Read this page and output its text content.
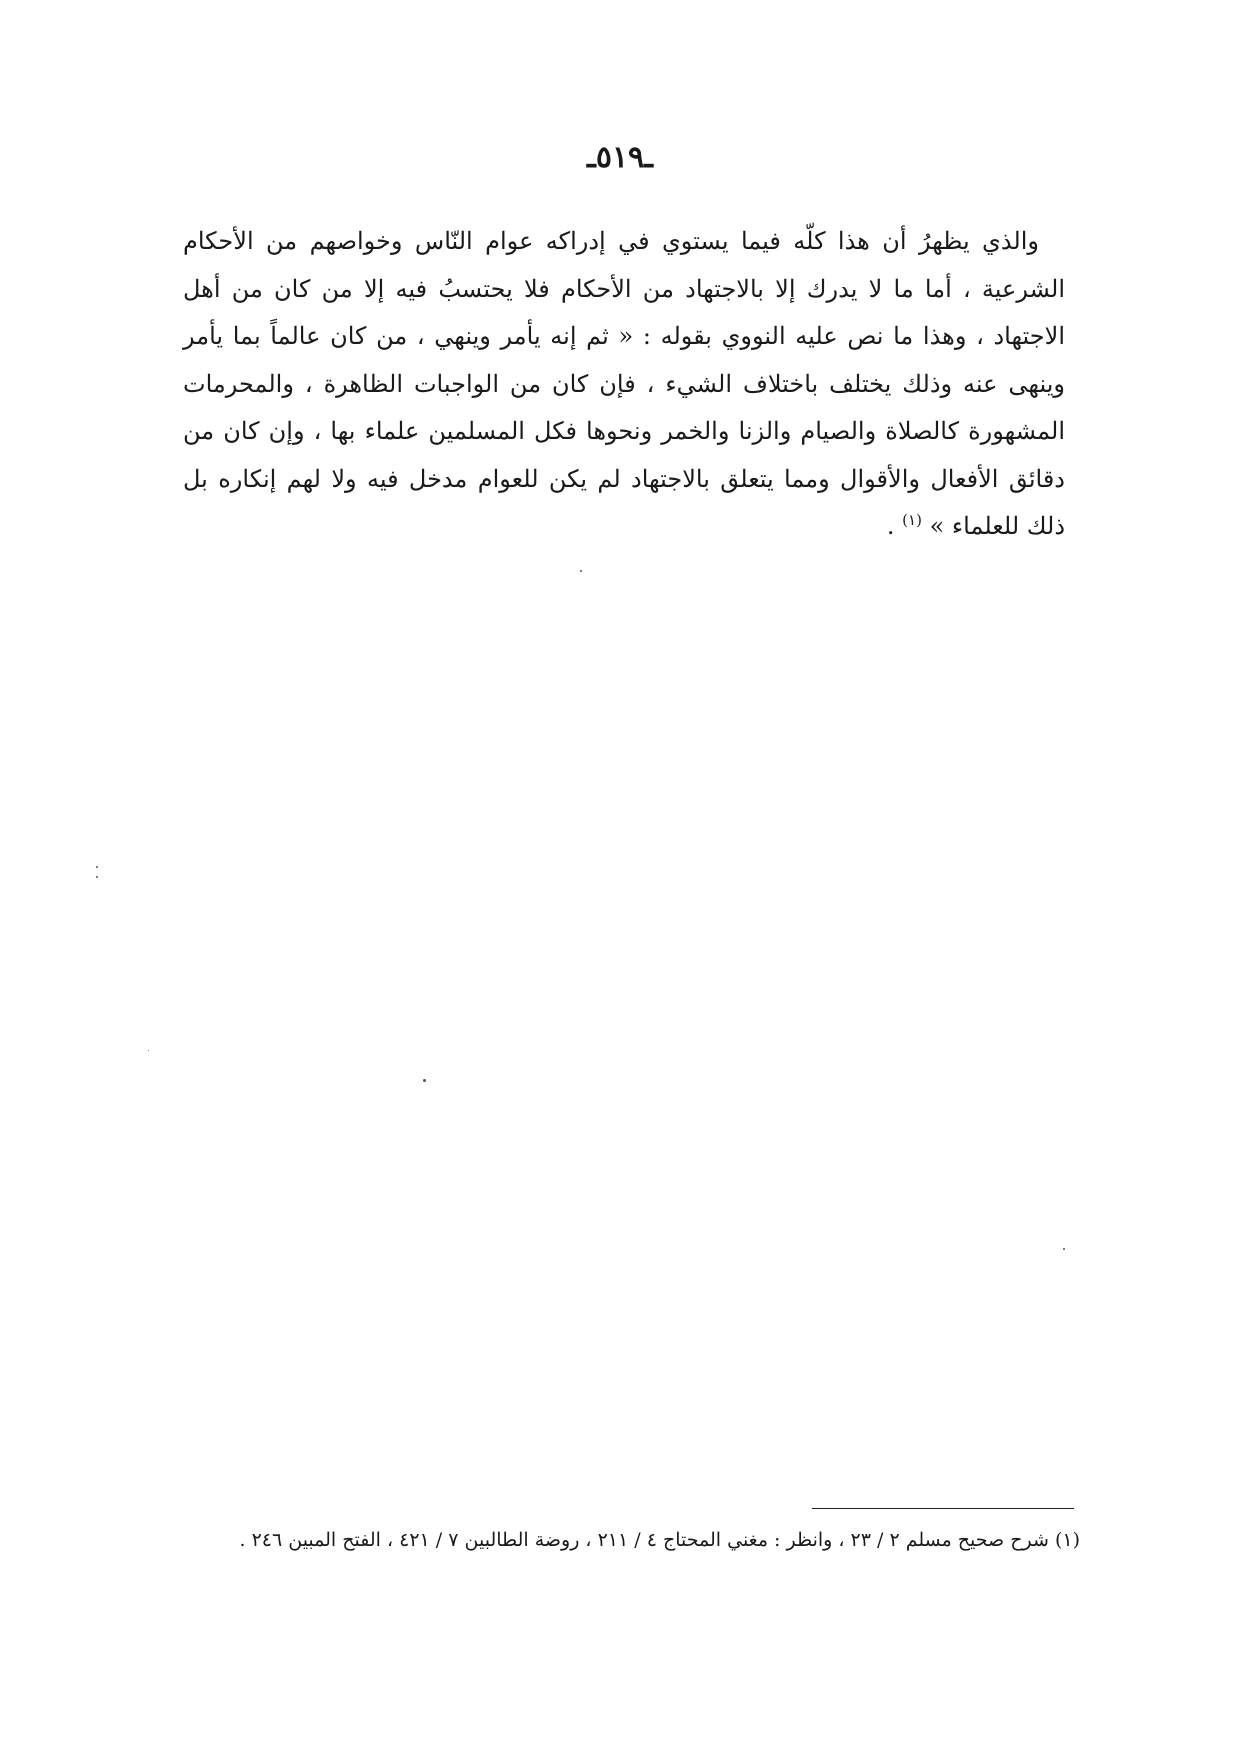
ـ٥١٩ـ

والذي يظهرُ أن هذا كلّه فيما يستوي في إدراكه عوام النّاس وخواصهم من الأحكام الشرعية ، أما ما لا يدرك إلا بالاجتهاد من الأحكام فلا يحتسبُ فيه إلا من كان من أهل الاجتهاد ، وهذا ما نص عليه النووي بقوله : « ثم إنه يأمر وينهي ، من كان عالماً بما يأمر وينهى عنه وذلك يختلف باختلاف الشيء ، فإن كان من الواجبات الظاهرة ، والمحرمات المشهورة كالصلاة والصيام والزنا والخمر ونحوها فكل المسلمين علماء بها ، وإن كان من دقائق الأفعال والأقوال ومما يتعلق بالاجتهاد لم يكن للعوام مدخل فيه ولا لهم إنكاره بل ذلك للعلماء » $^{(١)}$ .

(١) شرح صحيح مسلم ٢ / ٢٣ ، وانظر : مغني المحتاج ٤ / ٢١١ ، روضة الطالبين ٧ / ٤٢١ ، الفتح المبين ٢٤٦ .
